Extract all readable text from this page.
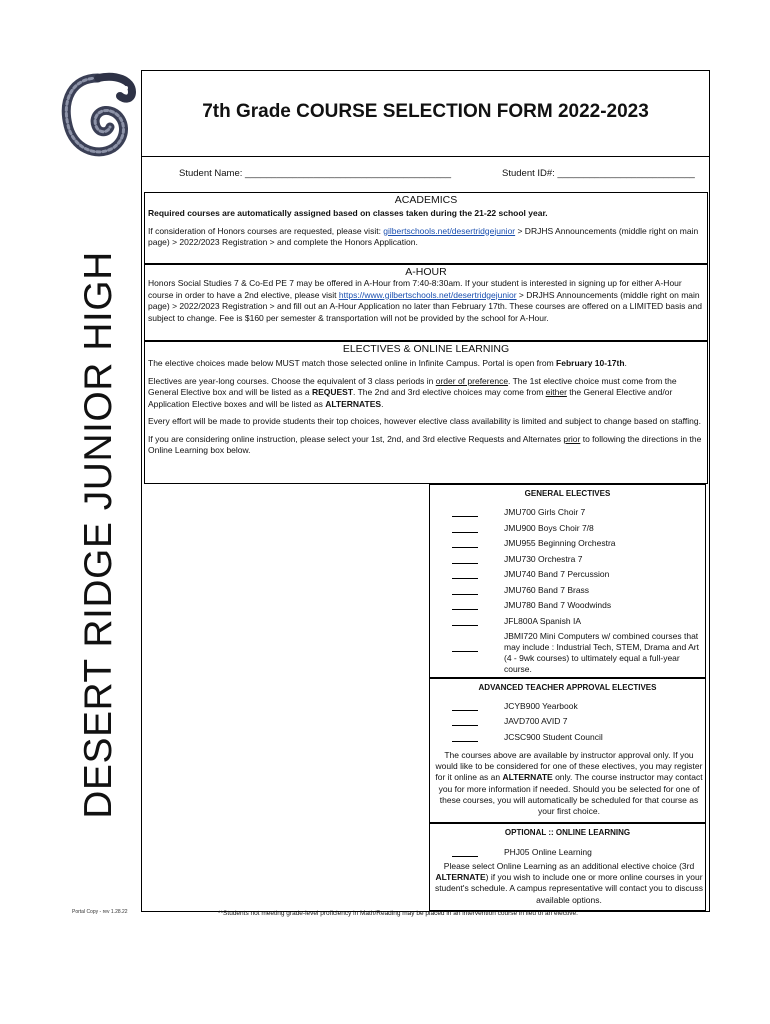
DESERT RIDGE JUNIOR HIGH
Portal Copy - rev 1.28.22
7th Grade COURSE SELECTION FORM 2022-2023
Student Name: _______________________________________	Student ID#: __________________________
ACADEMICS

Required courses are automatically assigned based on classes taken during the 21-22 school year.

If consideration of Honors courses are requested, please visit: gilbertschools.net/desertridgejunior > DRJHS Announcements (middle right on main page) > 2022/2023 Registration > and complete the Honors Application.

A-HOUR
Honors Social Studies 7 & Co-Ed PE 7 may be offered in A-Hour from 7:40-8:30am. If your student is interested in signing up for either A-Hour course in order to have a 2nd elective, please visit https://www.gilbertschools.net/desertridgejunior > DRJHS Announcements (middle right on main page) > 2022/2023 Registration > and fill out an A-Hour Application no later than February 17th. These courses are offered on a LIMITED basis and subject to change. Fee is $160 per semester & transportation will not be provided by the school for A-Hour.
ELECTIVES & ONLINE LEARNING

The elective choices made below MUST match those selected online in Infinite Campus. Portal is open from February 10-17th.

Electives are year-long courses. Choose the equivalent of 3 class periods in order of preference. The 1st elective choice must come from the General Elective box and will be listed as a REQUEST. The 2nd and 3rd elective choices may come from either the General Elective and/or Application Elective boxes and will be listed as ALTERNATES.

Every effort will be made to provide students their top choices, however elective class availability is limited and subject to change based on staffing.

If you are considering online instruction, please select your 1st, 2nd, and 3rd elective Requests and Alternates prior to following the directions in the Online Learning box below.

GENERAL ELECTIVES
JMU700 Girls Choir 7
JMU900 Boys Choir 7/8
JMU955 Beginning Orchestra
JMU730 Orchestra 7
JMU740 Band 7 Percussion
JMU760 Band 7 Brass
JMU780 Band 7 Woodwinds
JFL800A Spanish IA
JBMI720 Mini Computers w/ combined courses that may include : Industrial Tech, STEM, Drama and Art (4 - 9wk courses) to ultimately equal a full-year course.
ADVANCED TEACHER APPROVAL ELECTIVES
JCYB900 Yearbook
JAVD700 AVID 7
JCSC900 Student Council
The courses above are available by instructor approval only. If you would like to be considered for one of these electives, you may register for it online as an ALTERNATE only. The course instructor may contact you for more information if needed. Should you be selected for one of these courses, you will automatically be scheduled for that course as your first choice.
OPTIONAL :: ONLINE LEARNING
PHJ05 Online Learning
Please select Online Learning as an additional elective choice (3rd ALTERNATE) if you wish to include one or more online courses in your student's schedule. A campus representative will contact you to discuss available options.
**Students not meeting grade-level proficiency in Math/Reading may be placed in an intervention course in lieu of an elective.
